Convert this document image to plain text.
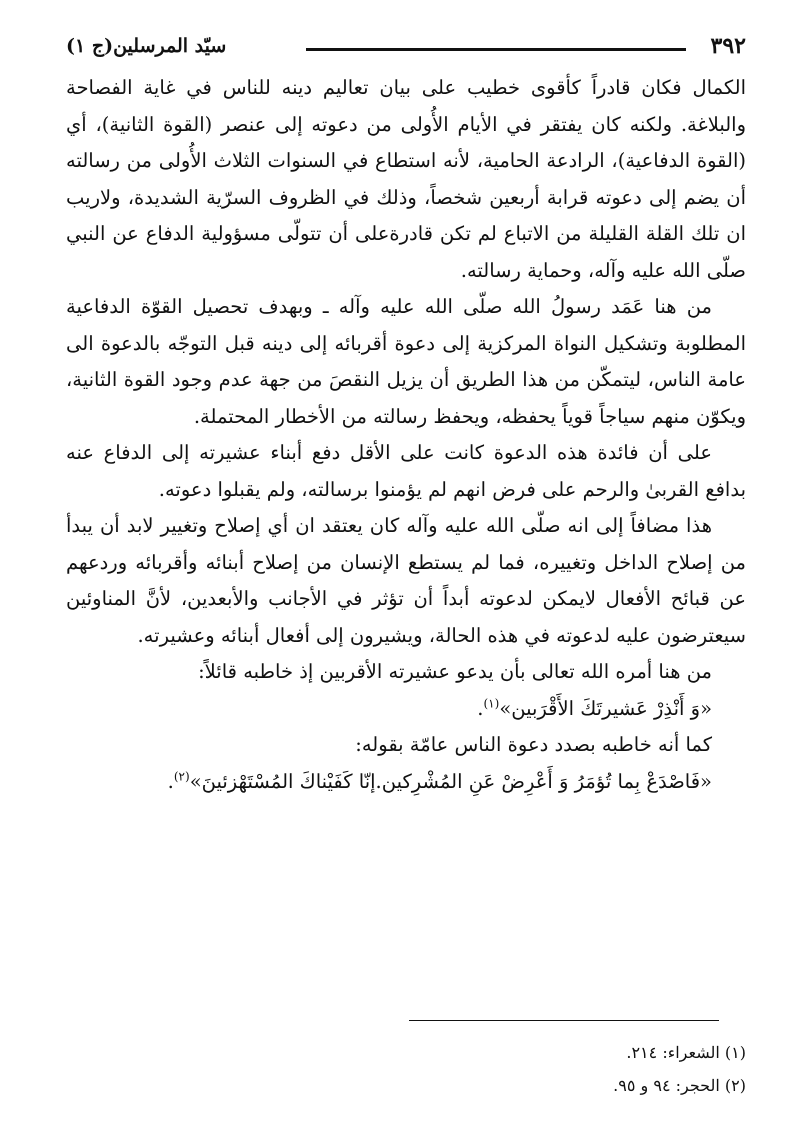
٣٩٢
سيّد المرسلين(ج ١)

الكمال فكان قادراً كأقوى خطيب على بيان تعاليم دينه للناس في غاية الفصاحة والبلاغة. ولكنه كان يفتقر في الأيام الأُولى من دعوته إلى عنصر (القوة الثانية)، أي (القوة الدفاعية)، الرادعة الحامية، لأنه استطاع في السنوات الثلاث الأُولى من رسالته أن يضم إلى دعوته قرابة أربعين شخصاً، وذلك في الظروف السرّية الشديدة، ولاريب ان تلك القلة القليلة من الاتباع لم تكن قادرةعلى أن تتولّى مسؤولية الدفاع عن النبي صلّى الله عليه وآله، وحماية رسالته.

من هنا عَمَد رسولُ الله صلّى الله عليه وآله ـ وبهدف تحصيل القوّة الدفاعية المطلوبة وتشكيل النواة المركزية إلى دعوة أقربائه إلى دينه قبل التوجّه بالدعوة الى عامة الناس، ليتمكّن من هذا الطريق أن يزيل النقصَ من جهة عدم وجود القوة الثانية، ويكوّن منهم سياجاً قوياً يحفظه، ويحفظ رسالته من الأخطار المحتملة.

على أن فائدة هذه الدعوة كانت على الأقل دفع أبناء عشيرته إلى الدفاع عنه بدافع القربىٰ والرحم على فرض انهم لم يؤمنوا برسالته، ولم يقبلوا دعوته.

هذا مضافاً إلى انه صلّى الله عليه وآله كان يعتقد ان أي إصلاح وتغيير لابد أن يبدأ من إصلاح الداخل وتغييره، فما لم يستطع الإنسان من إصلاح أبنائه وأقربائه وردعهم عن قبائح الأفعال لايمكن لدعوته أبداً أن تؤثر في الأجانب والأبعدين، لأنَّ المناوئين سيعترضون عليه لدعوته في هذه الحالة، ويشيرون إلى أفعال أبنائه وعشيرته.

من هنا أمره الله تعالى بأن يدعو عشيرته الأقربين إذ خاطبه قائلاً:

«وَ أَنْذِرْ عَشيرتَكَ الأَقْرَبين»$^{(١)}$.

كما أنه خاطبه بصدد دعوة الناس عامّة بقوله:

«فَاصْدَعْ بِما تُؤمَرُ وَ أَعْرِضْ عَنِ المُشْرِكين.إنّا كَفَيْناكَ المُسْتَهْزئينَ»$^{(٢)}$.

(١) الشعراء: ٢١٤.

(٢) الحجر: ٩٤ و ٩٥.
